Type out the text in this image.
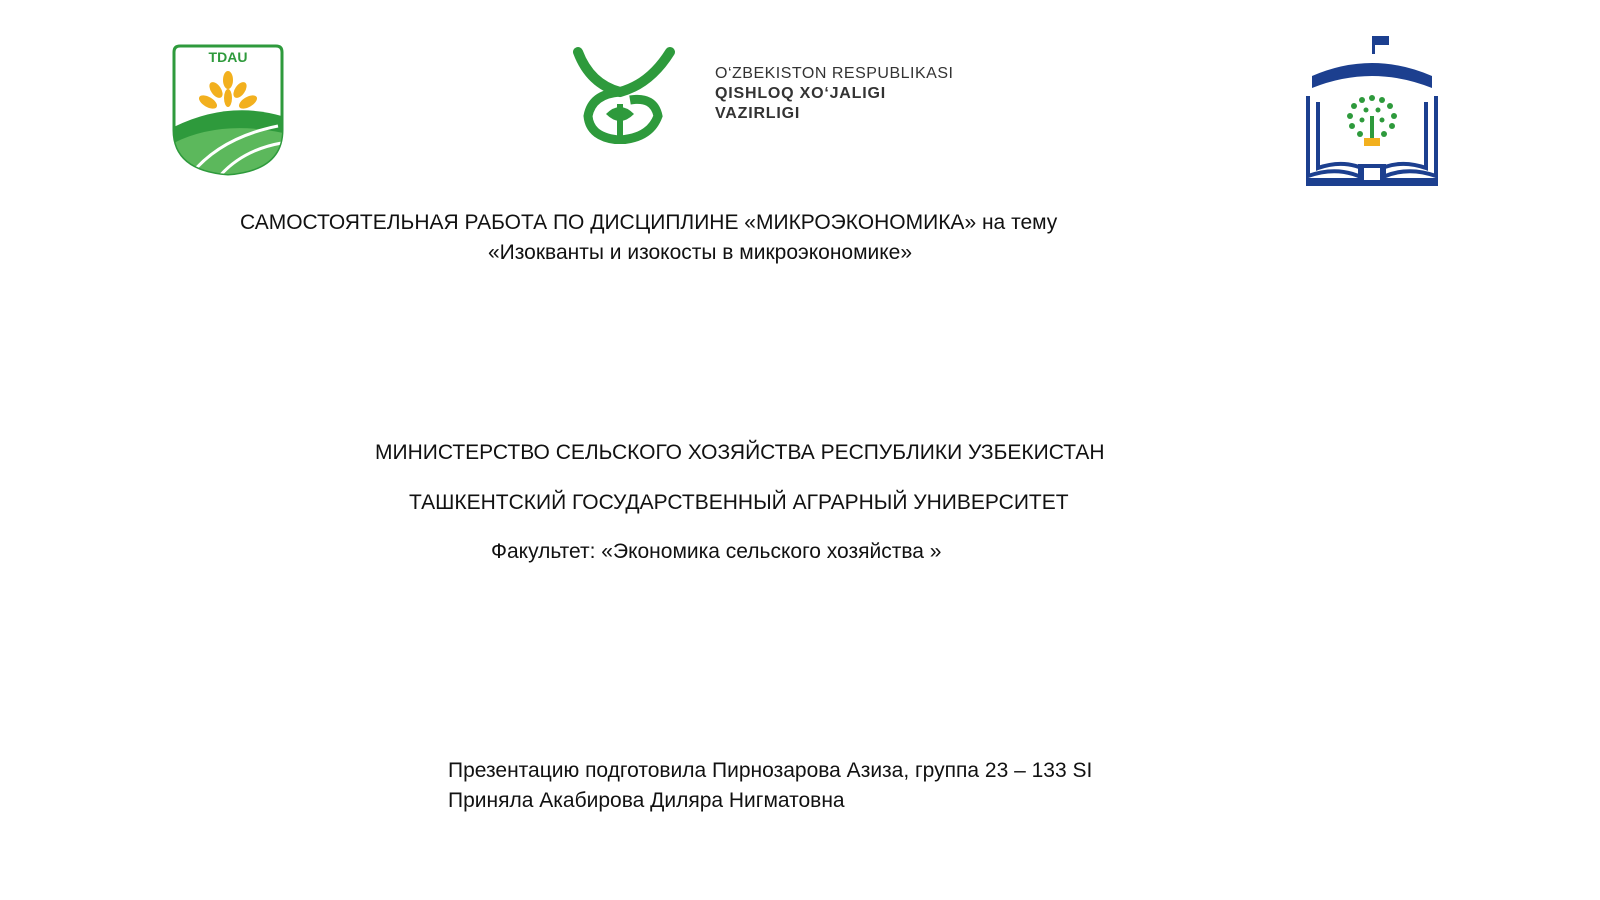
TDAU
O‘ZBEKISTON RESPUBLIKASI
QISHLOQ XO‘JALIGI
VAZIRLIGI
САМОСТОЯТЕЛЬНАЯ РАБОТА ПО ДИСЦИПЛИНЕ «МИКРОЭКОНОМИКА» на тему
«Изокванты и изокосты в микроэкономике»
МИНИСТЕРСТВО СЕЛЬСКОГО ХОЗЯЙСТВА РЕСПУБЛИКИ УЗБЕКИСТАН
ТАШКЕНТСКИЙ ГОСУДАРСТВЕННЫЙ АГРАРНЫЙ УНИВЕРСИТЕТ
Факультет: «Экономика сельского хозяйства »
Презентацию подготовила Пирнозарова Азиза, группа 23 – 133 SI
Приняла Акабирова Диляра Нигматовна
